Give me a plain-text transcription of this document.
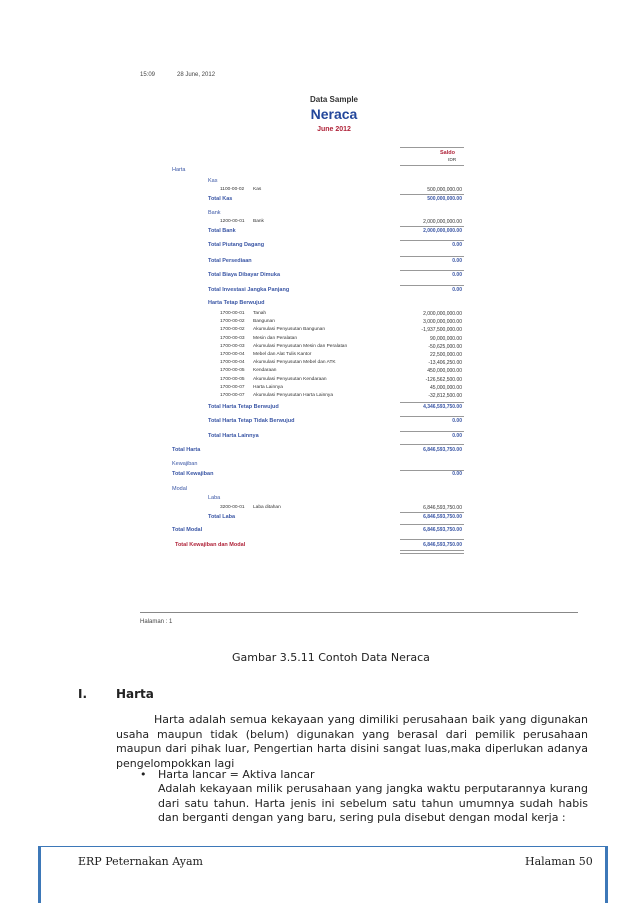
15:09	28 June, 2012
Data Sample
Neraca
June 2012
Saldo
IDR
Harta
Kas
1100-00-02 Kas	500,000,000.00
Total Kas	500,000,000.00
Bank
1200-00-01 Bank	2,000,000,000.00
Total Bank	2,000,000,000.00
Total Piutang Dagang	0.00
Total Persediaan	0.00
Total Biaya Dibayar Dimuka	0.00
Total Investasi Jangka Panjang	0.00
Harta Tetap Berwujud
1700-00-01 Tanah	2,000,000,000.00
1700-00-02 Bangunan	3,000,000,000.00
1700-00-02 Akumulasi Penyusutan Bangunan	-1,937,500,000.00
1700-00-03 Mesin dan Peralatan	90,000,000.00
1700-00-03 Akumulasi Penyusutan Mesin dan Peralatan	-50,625,000.00
1700-00-04 Mebel dan Alat Tulis Kantor	22,500,000.00
1700-00-04 Akumulasi Penyusutan Mebel dan ATK	-13,406,250.00
1700-00-05 Kendaraan	450,000,000.00
1700-00-05 Akumulasi Penyusutan Kendaraan	-126,562,500.00
1700-00-07 Harta Lainnya	45,000,000.00
1700-00-07 Akumulasi Penyusutan Harta Lainnya	-32,812,500.00
Total Harta Tetap Berwujud	4,346,593,750.00
Total Harta Tetap Tidak Berwujud	0.00
Total Harta Lainnya	0.00
Total Harta	6,846,593,750.00
Kewajiban
Total Kewajiban	0.00
Modal
Laba
3200-00-01 Laba ditahan	6,846,593,750.00
Total Laba	6,846,593,750.00
Total Modal	6,846,593,750.00
Total Kewajiban dan Modal	6,846,593,750.00
Halaman : 1
Gambar 3.5.11 Contoh Data Neraca
I. Harta
Harta adalah semua kekayaan yang dimiliki perusahaan baik yang digunakan usaha maupun tidak (belum) digunakan yang berasal dari pemilik perusahaan maupun dari pihak luar, Pengertian harta disini sangat luas,maka diperlukan adanya pengelompokkan lagi
• Harta lancar = Aktiva lancar
Adalah kekayaan milik perusahaan yang jangka waktu perputarannya kurang dari satu tahun. Harta jenis ini sebelum satu tahun umumnya sudah habis dan berganti dengan yang baru, sering pula disebut dengan modal kerja :
ERP Peternakan Ayam	Halaman 50
